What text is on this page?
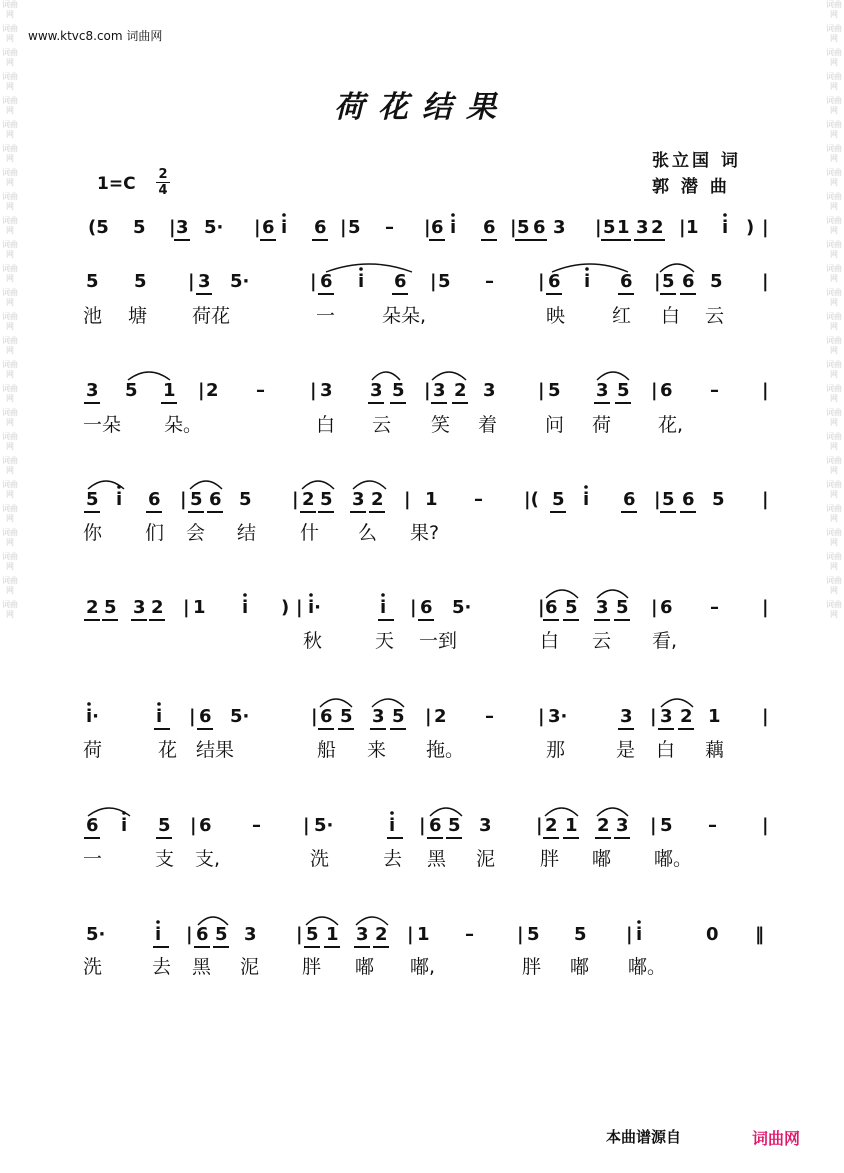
词曲网
词曲网
词曲网
词曲网
词曲网
词曲网
词曲网
词曲网
词曲网
词曲网
词曲网
词曲网
词曲网
词曲网
词曲网
词曲网
词曲网
词曲网
词曲网
词曲网
词曲网
词曲网
词曲网
词曲网
词曲网
词曲网
词曲网
词曲网
词曲网
词曲网
词曲网
词曲网
词曲网
词曲网
词曲网
词曲网
词曲网
词曲网
词曲网
词曲网
词曲网
词曲网
词曲网
词曲网
词曲网
词曲网
词曲网
词曲网
词曲网
词曲网
词曲网
词曲网
www.ktvc8.com 词曲网
荷花结果
张立国 词
郭 潜 曲
1=C 2
4
(5 5 | 3 5· | 6 i 6 | 5 – | 6 i 6 | 5 6 3 | 5 1 3 2 | 1 i ) |
5 5 | 3 5·	| 6 i 6 | 5 – | 6 i 6 | 5 6 5 |
3 5 1 | 2 –	| 3 3 5 | 3 2 3 | 5 3 5 | 6 – |
5 i 6 | 5 6 5 | 2 5 3 2 | 1 – |( 5 i 6 | 5 6 5 |
2 5 3 2 | 1 i ) | i·	i | 6 5·	| 6 5 3 5 | 6 – |
i·	i | 6 5·	| 6 5 3 5 | 2 – | 3·	3 | 3 2 1 |
6 i 5 | 6 – | 5·	i | 6 5 3 | 2 1 2 3 | 5 –	|
5·	i | 6 5 3 | 5 1 3 2 | 1 – | 5 5 | i	0 ‖
池 塘 荷花	一 朵朵,	映 红 白 云
一朵 朵。	白 云 笑 着	问 荷 花,
你 们 会 结 什 么 果?
秋	天 一到	白 云 看,
荷	花 结果	船 来 拖。	那	是 白 藕
一	支 支,	洗	去 黑 泥 胖 嘟 嘟。
洗	去 黑 泥 胖 嘟 嘟,	胖 嘟 嘟。
本曲谱源自	词曲网
